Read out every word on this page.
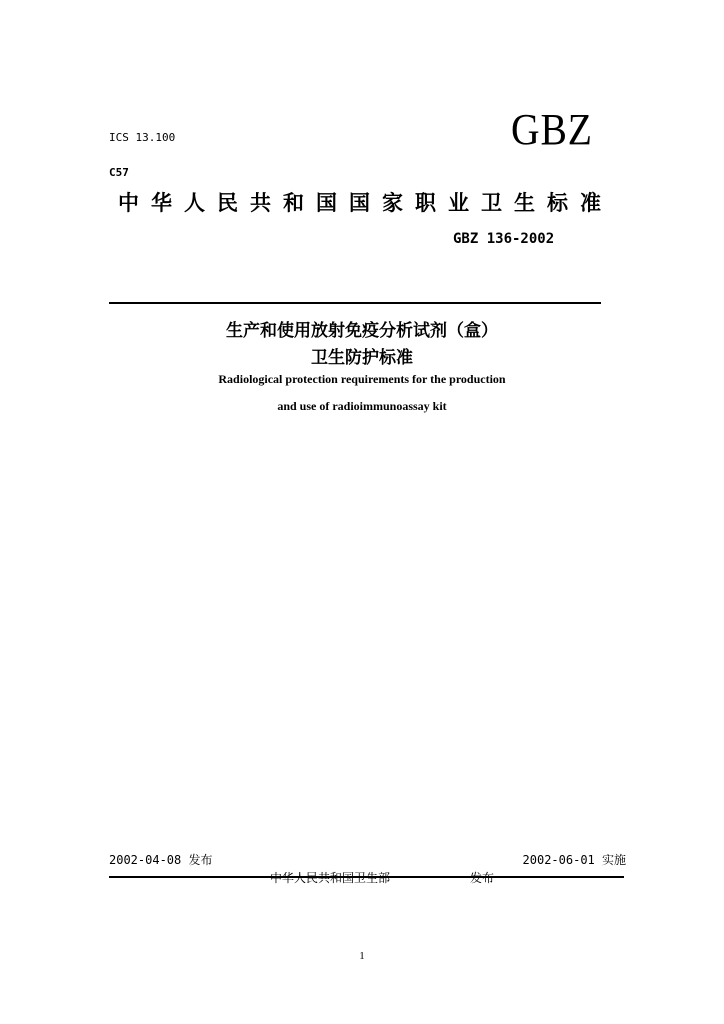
ICS 13.100	GBZ
C57
中华人民共和国国家职业卫生标准
GBZ 136-2002
生产和使用放射免疫分析试剂（盒）
卫生防护标准
Radiological protection requirements for the production
and use of radioimmunoassay kit
2002-04-08 发布	2002-06-01 实施
中华人民共和国卫生部	发布
1
